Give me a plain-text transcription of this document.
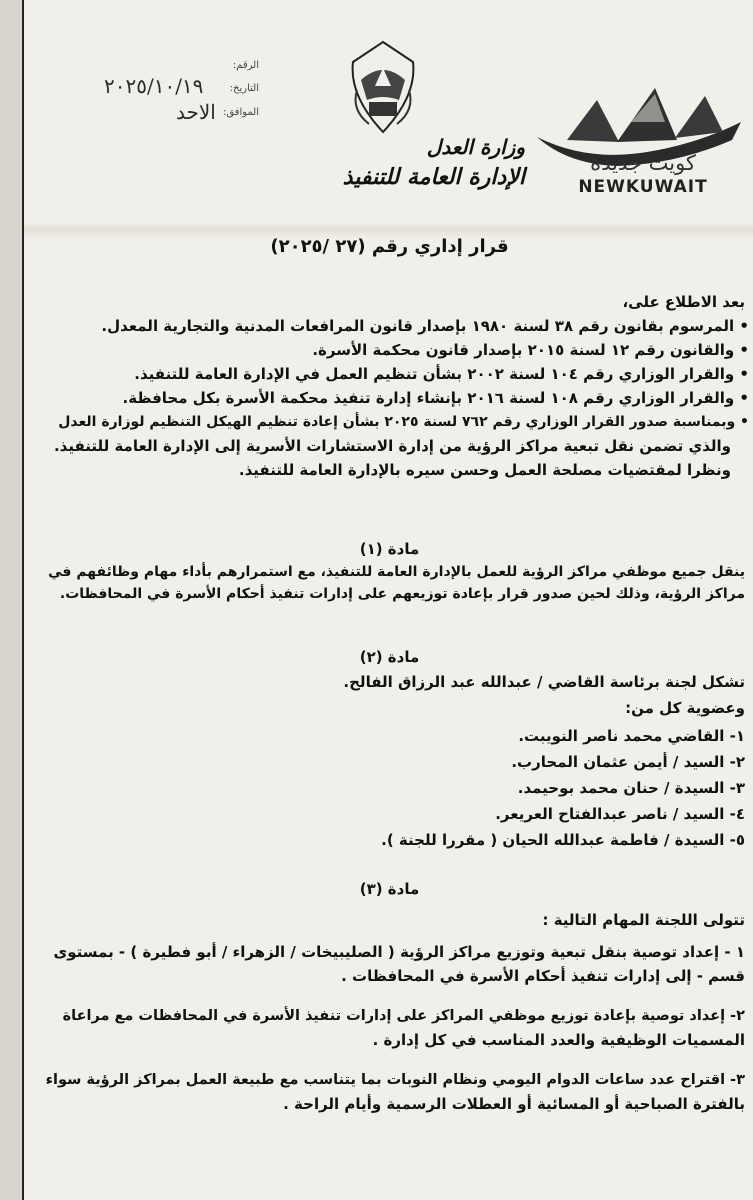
كويت جديدة
NEWKUWAIT
وزارة العدل
الإدارة العامة للتنفيذ
الرقم:
التاريخ:
الموافق:
٢٠٢٥/١٠/١٩
الاحد
قرار إداري رقم (٢٧ /٢٠٢٥)
بعد الاطلاع على،
• المرسوم بقانون رقم ٣٨ لسنة ١٩٨٠ بإصدار قانون المرافعات المدنية والتجارية المعدل.
• والقانون رقم ١٢ لسنة ٢٠١٥ بإصدار قانون محكمة الأسرة.
• والقرار الوزاري رقم ١٠٤ لسنة ٢٠٠٢ بشأن تنظيم العمل في الإدارة العامة للتنفيذ.
• والقرار الوزاري رقم ١٠٨ لسنة ٢٠١٦ بإنشاء إدارة تنفيذ محكمة الأسرة بكل محافظة.
• وبمناسبة صدور القرار الوزاري رقم ٧٦٢ لسنة ٢٠٢٥ بشأن إعادة تنظيم الهيكل التنظيم لوزارة العدل
والذي تضمن نقل تبعية مراكز الرؤية من إدارة الاستشارات الأسرية إلى الإدارة العامة للتنفيذ.
ونظرا لمقتضيات مصلحة العمل وحسن سيره بالإدارة العامة للتنفيذ.
مادة (١)
ينقل جميع موظفي مراكز الرؤية للعمل بالإدارة العامة للتنفيذ، مع استمرارهم بأداء مهام وظائفهم في
مراكز الرؤية، وذلك لحين صدور قرار بإعادة توزيعهم على إدارات تنفيذ أحكام الأسرة في المحافظات.
مادة (٢)
تشكل لجنة برئاسة القاضي / عبدالله عبد الرزاق الفالح.
وعضوية كل من:
١- القاضي محمد ناصر النويبت.
٢- السيد / أيمن عثمان المحارب.
٣- السيدة / حنان محمد بوحيمد.
٤- السيد / ناصر عبدالفتاح العريعر.
٥- السيدة / فاطمة عبدالله الحيان ( مقررا للجنة ).
مادة (٣)
تتولى اللجنة المهام التالية :
١ - إعداد توصية بنقل تبعية وتوزيع مراكز الرؤية ( الصليبيخات / الزهراء / أبو فطيرة ) - بمستوى
قسم - إلى إدارات تنفيذ أحكام الأسرة في المحافظات .
٢- إعداد توصية بإعادة توزيع موظفي المراكز على إدارات تنفيذ الأسرة في المحافظات مع مراعاة
المسميات الوظيفية والعدد المناسب في كل إدارة .
٣- اقتراح عدد ساعات الدوام اليومي ونظام النوبات بما يتناسب مع طبيعة العمل بمراكز الرؤية سواء
بالفترة الصباحية أو المسائية أو العطلات الرسمية وأيام الراحة .
